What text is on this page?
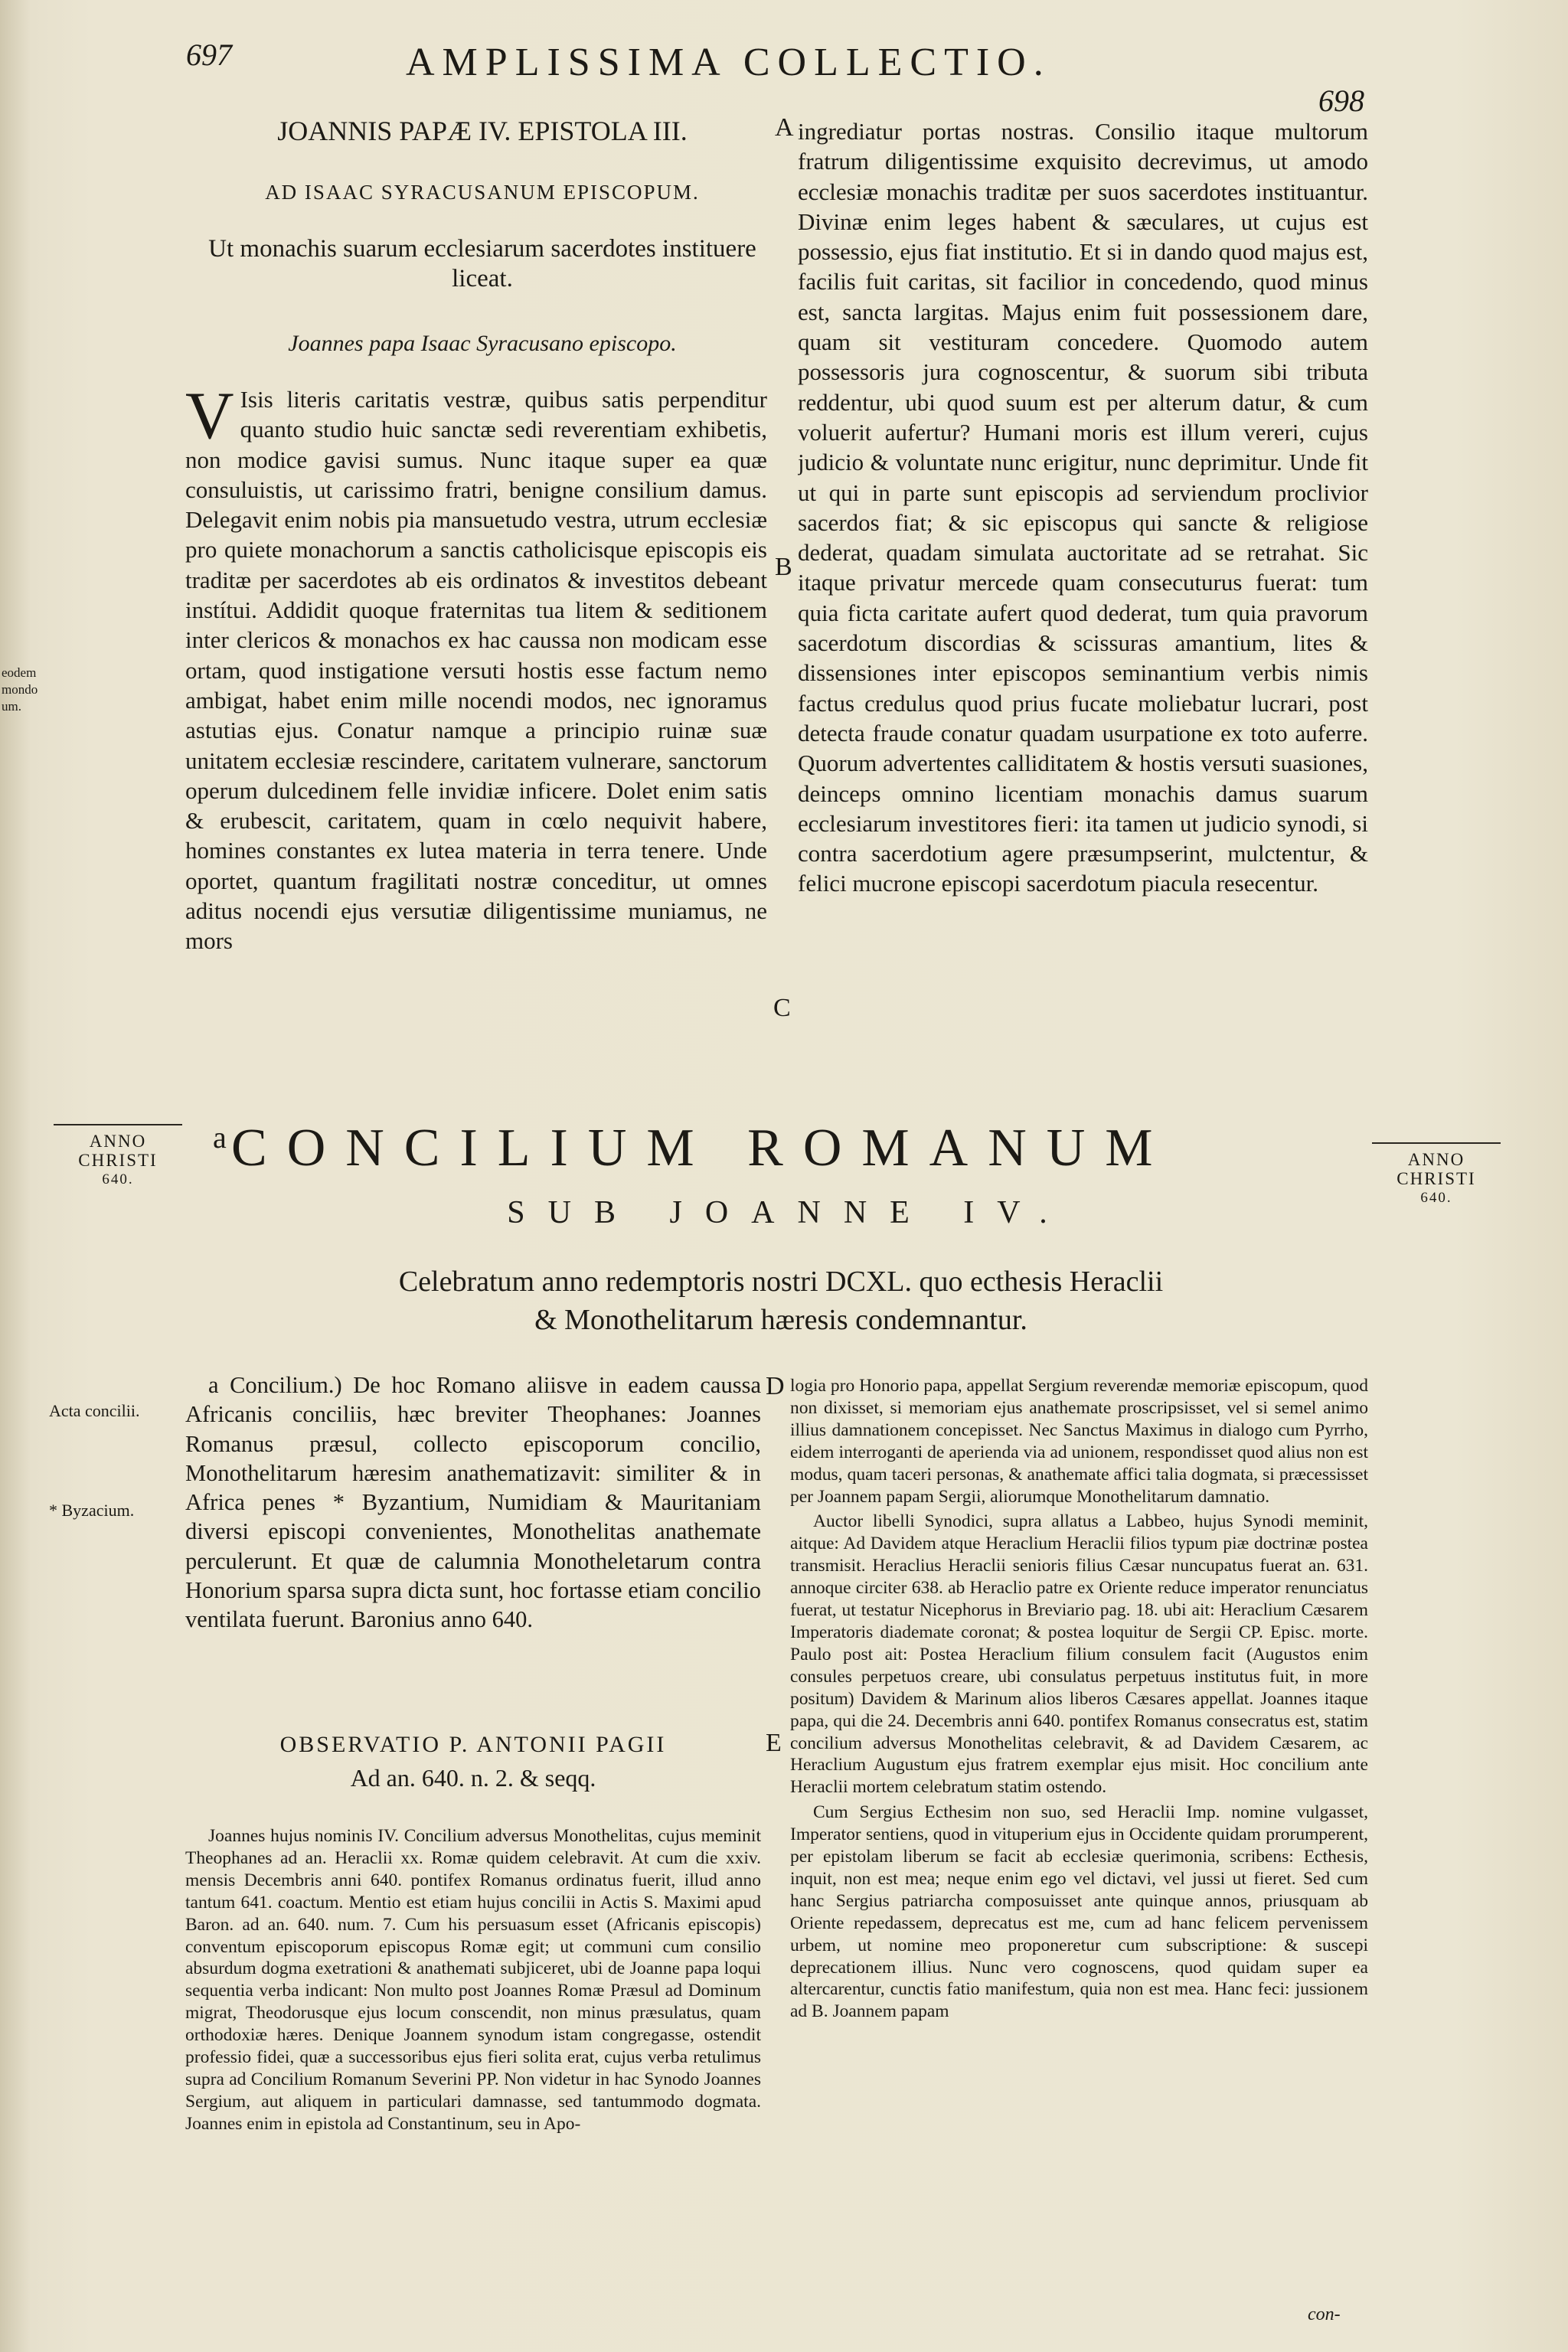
697	AMPLISSIMA COLLECTIO.
698
eodem mondo um.
JOANNIS PAPÆ IV. EPISTOLA III.
AD ISAAC SYRACUSANUM EPISCOPUM.
Ut monachis suarum ecclesiarum sacerdotes instituere liceat.
Joannes papa Isaac Syracusano episcopo.
A
B
C
D
E

V Isis literis caritatis vestræ, quibus satis perpenditur quanto studio huic sanctæ sedi reverentiam exhibetis, non modice gavisi sumus. Nunc itaque super ea quæ consuluistis, ut carissimo fratri, benigne consilium damus. Delegavit enim nobis pia mansuetudo vestra, utrum ecclesiæ pro quiete monachorum a sanctis catholicisque episcopis eis traditæ per sacerdotes ab eis ordinatos & investitos debeant instítui. Addidit quoque fraternitas tua litem & seditionem inter clericos & monachos ex hac caussa non modicam esse ortam, quod instigatione versuti hostis esse factum nemo ambigat, habet enim mille nocendi modos, nec ignoramus astutias ejus. Conatur namque a principio ruinæ suæ unitatem ecclesiæ rescindere, caritatem vulnerare, sanctorum operum dulcedinem felle invidiæ inficere. Dolet enim satis & erubescit, caritatem, quam in cœlo nequivit habere, homines constantes ex lutea materia in terra tenere. Unde oportet, quantum fragilitati nostræ conceditur, ut omnes aditus nocendi ejus versutiæ diligentissime muniamus, ne mors

ingrediatur portas nostras. Consilio itaque multorum fratrum diligentissime exquisito decrevimus, ut amodo ecclesiæ monachis traditæ per suos sacerdotes instituantur. Divinæ enim leges habent & sæculares, ut cujus est possessio, ejus fiat institutio. Et si in dando quod majus est, facilis fuit caritas, sit facilior in concedendo, quod minus est, sancta largitas. Majus enim fuit possessionem dare, quam sit vestituram concedere. Quomodo autem possessoris jura cognoscentur, & suorum sibi tributa reddentur, ubi quod suum est per alterum datur, & cum voluerit aufertur? Humani moris est illum vereri, cujus judicio & voluntate nunc erigitur, nunc deprimitur. Unde fit ut qui in parte sunt episcopis ad serviendum proclivior sacerdos fiat; & sic episcopus qui sancte & religiose dederat, quadam simulata auctoritate ad se retrahat. Sic itaque privatur mercede quam consecuturus fuerat: tum quia ficta caritate aufert quod dederat, tum quia pravorum sacerdotum discordias & scissuras amantium, lites & dissensiones inter episcopos seminantium verbis nimis factus credulus quod prius fucate moliebatur lucrari, post detecta fraude conatur quadam usurpatione ex toto auferre. Quorum advertentes calliditatem & hostis versuti suasiones, deinceps omnino licentiam monachis damus suarum ecclesiarum investitores fieri: ita tamen ut judicio synodi, si contra sacerdotium agere præsumpserint, mulctentur, & felici mucrone episcopi sacerdotum piacula resecentur.

ANNO CHRISTI
640.
ANNO CHRISTI
640.
a CONCILIUM ROMANUM
SUB JOANNE IV.
Celebratum anno redemptoris nostri DCXL. quo ecthesis Heraclii
& Monothelitarum hæresis condemnantur.
Acta concilii.
* Byzacium.

a Concilium.) De hoc Romano aliisve in eadem caussa Africanis conciliis, hæc breviter Theophanes: Joannes Romanus præsul, collecto episcoporum concilio, Monothelitarum hæresim anathematizavit: similiter & in Africa penes * Byzantium, Numidiam & Mauritaniam diversi episcopi convenientes, Monothelitas anathemate perculerunt. Et quæ de calumnia Monotheletarum contra Honorium sparsa supra dicta sunt, hoc fortasse etiam concilio ventilata fuerunt. Baronius anno 640.

OBSERVATIO P. ANTONII PAGII
Ad an. 640. n. 2. & seqq.

Joannes hujus nominis IV. Concilium adversus Monothelitas, cujus meminit Theophanes ad an. Heraclii xx. Romæ quidem celebravit. At cum die xxiv. mensis Decembris anni 640. pontifex Romanus ordinatus fuerit, illud anno tantum 641. coactum. Mentio est etiam hujus concilii in Actis S. Maximi apud Baron. ad an. 640. num. 7. Cum his persuasum esset (Africanis episcopis) conventum episcoporum episcopus Romæ egit; ut communi cum consilio absurdum dogma exetrationi & anathemati subjiceret, ubi de Joanne papa loqui sequentia verba indicant: Non multo post Joannes Romæ Præsul ad Dominum migrat, Theodorusque ejus locum conscendit, non minus præsulatus, quam orthodoxiæ hæres. Denique Joannem synodum istam congregasse, ostendit professio fidei, quæ a successoribus ejus fieri solita erat, cujus verba retulimus supra ad Concilium Romanum Severini PP. Non videtur in hac Synodo Joannes Sergium, aut aliquem in particulari damnasse, sed tantummodo dogmata. Joannes enim in epistola ad Constantinum, seu in Apo-

logia pro Honorio papa, appellat Sergium reverendæ memoriæ episcopum, quod non dixisset, si memoriam ejus anathemate proscripsisset, vel si semel animo illius damnationem concepisset. Nec Sanctus Maximus in dialogo cum Pyrrho, eidem interroganti de aperienda via ad unionem, respondisset quod alius non est modus, quam taceri personas, & anathemate affici talia dogmata, si præcessisset per Joannem papam Sergii, aliorumque Monothelitarum damnatio.

Auctor libelli Synodici, supra allatus a Labbeo, hujus Synodi meminit, aitque: Ad Davidem atque Heraclium Heraclii filios typum piæ doctrinæ postea transmisit. Heraclius Heraclii senioris filius Cæsar nuncupatus fuerat an. 631. annoque circiter 638. ab Heraclio patre ex Oriente reduce imperator renunciatus fuerat, ut testatur Nicephorus in Breviario pag. 18. ubi ait: Heraclium Cæsarem Imperatoris diademate coronat; & postea loquitur de Sergii CP. Episc. morte. Paulo post ait: Postea Heraclium filium consulem facit (Augustos enim consules perpetuos creare, ubi consulatus perpetuus institutus fuit, in more positum) Davidem & Marinum alios liberos Cæsares appellat. Joannes itaque papa, qui die 24. Decembris anni 640. pontifex Romanus consecratus est, statim concilium adversus Monothelitas celebravit, & ad Davidem Cæsarem, ac Heraclium Augustum ejus fratrem exemplar ejus misit. Hoc concilium ante Heraclii mortem celebratum statim ostendo.

Cum Sergius Ecthesim non suo, sed Heraclii Imp. nomine vulgasset, Imperator sentiens, quod in vituperium ejus in Occidente quidam prorumperent, per epistolam liberum se facit ab ecclesiæ querimonia, scribens: Ecthesis, inquit, non est mea; neque enim ego vel dictavi, vel jussi ut fieret. Sed cum hanc Sergius patriarcha composuisset ante quinque annos, priusquam ab Oriente repedassem, deprecatus est me, cum ad hanc felicem pervenissem urbem, ut nomine meo proponeretur cum subscriptione: & suscepi deprecationem illius. Nunc vero cognoscens, quod quidam super ea altercarentur, cunctis fatio manifestum, quia non est mea. Hanc feci: jussionem ad B. Joannem papam

con-
